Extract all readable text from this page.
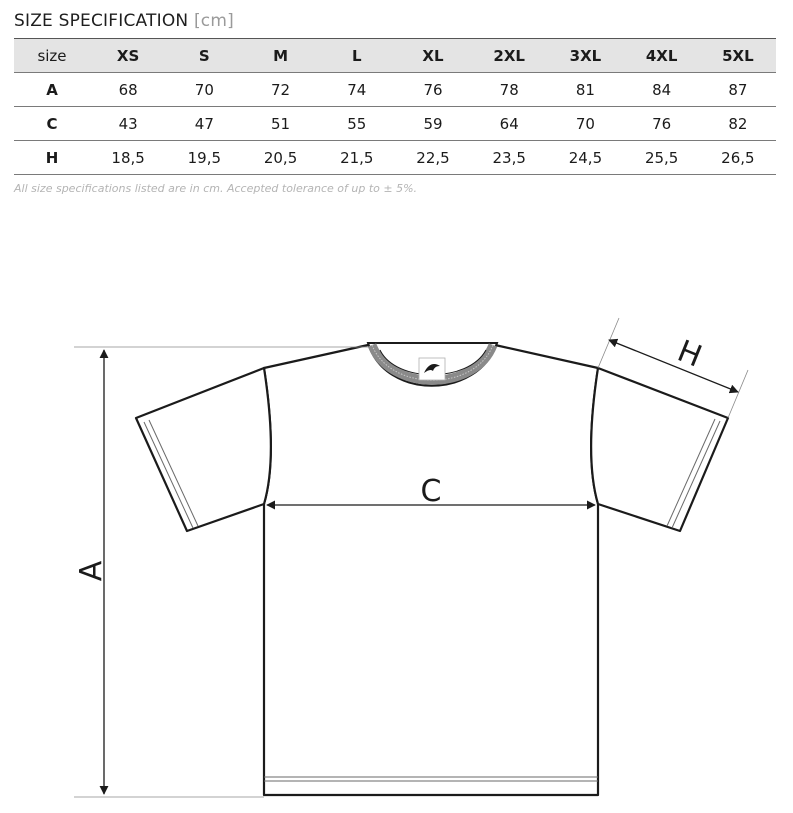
SIZE SPECIFICATION [cm]
size	XS	S	M	L	XL	2XL	3XL	4XL	5XL
A	68	70	72	74	76	78	81	84	87
C	43	47	51	55	59	64	70	76	82
H	18,5	19,5	20,5	21,5	22,5	23,5	24,5	25,5	26,5
All size specifications listed are in cm. Accepted tolerance of up to ± 5%.
A
C
H
